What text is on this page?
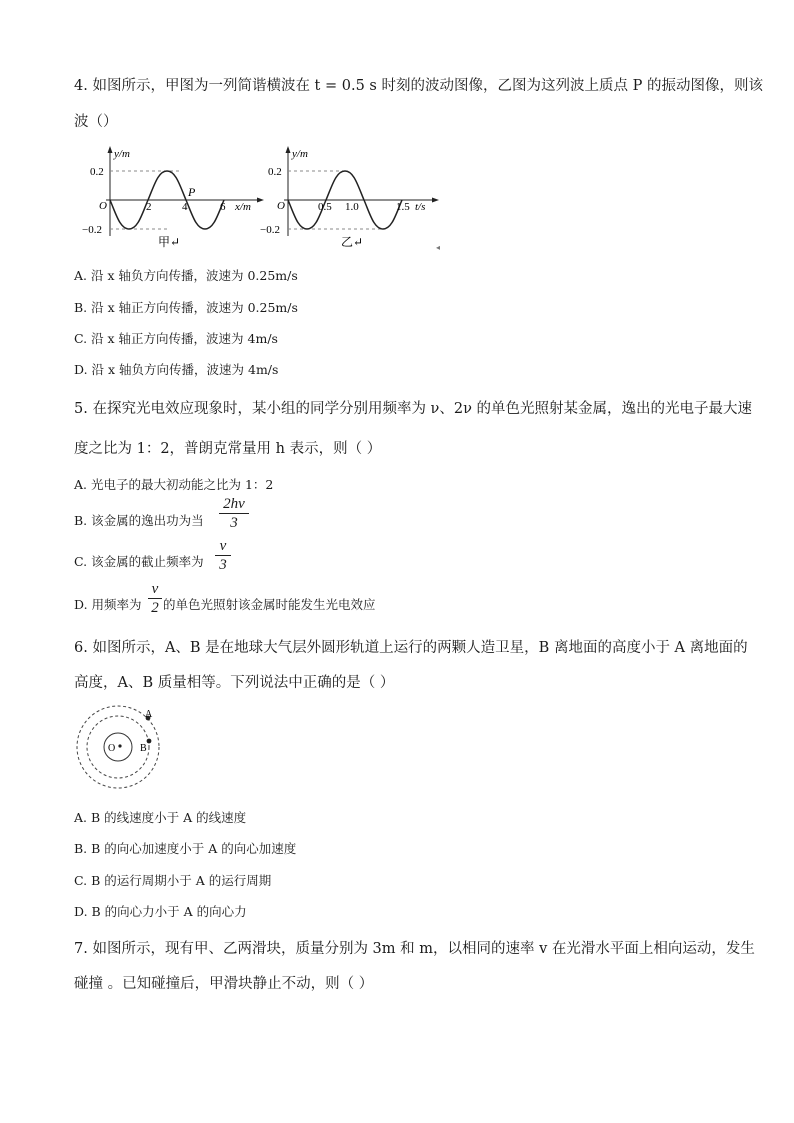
4. 如图所示，甲图为一列简谐横波在 t = 0.5 s 时刻的波动图像，乙图为这列波上质点 P 的振动图像，则该
波（）
y/m
0.2
−0.2
O	2	4	6
P
x/m
甲↵
y/m
0.2
−0.2
O	0.5 1.0	1.5 t/s
乙↵	◂
A. 沿 x 轴负方向传播，波速为 0.25m/s
B. 沿 x 轴正方向传播，波速为 0.25m/s
C. 沿 x 轴正方向传播，波速为 4m/s
D. 沿 x 轴负方向传播，波速为 4m/s
5. 在探究光电效应现象时，某小组的同学分别用频率为 ν、2ν 的单色光照射某金属，逸出的光电子最大速
度之比为 1：2，普朗克常量用 h 表示，则（ ）
A. 光电子的最大初动能之比为 1：2
B. 该金属的逸出功为当
2hν
3
C. 该金属的截止频率为
ν
3
D. 用频率为
ν
2 的单色光照射该金属时能发生光电效应
6. 如图所示，A、B 是在地球大气层外圆形轨道上运行的两颗人造卫星，B 离地面的高度小于 A 离地面的
高度，A、B 质量相等。下列说法中正确的是（ ）
O
A
B
A. B 的线速度小于 A 的线速度
B. B 的向心加速度小于 A 的向心加速度
C. B 的运行周期小于 A 的运行周期
D. B 的向心力小于 A 的向心力
7. 如图所示，现有甲、乙两滑块，质量分别为 3m 和 m，以相同的速率 v 在光滑水平面上相向运动，发生
碰撞 。已知碰撞后，甲滑块静止不动，则（ ）
